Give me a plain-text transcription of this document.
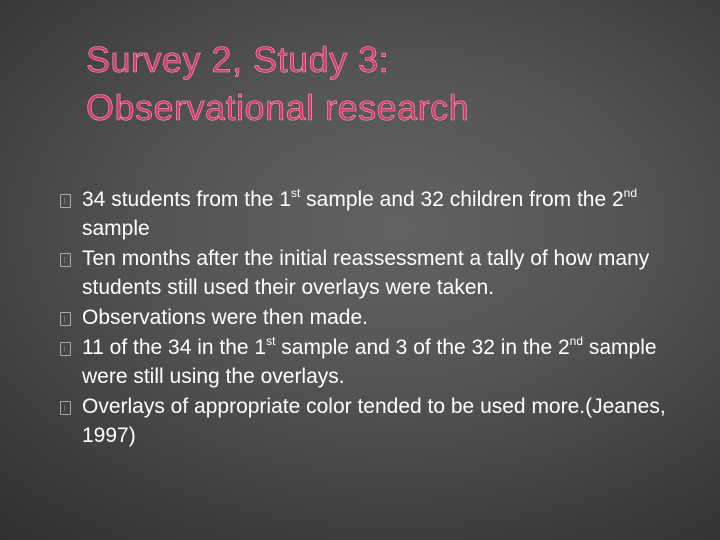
Survey 2, Study 3:
Observational research
34 students from the 1st sample and 32 children from the 2nd sample
Ten months after the initial reassessment a tally of how many students still used their overlays were taken.
Observations were then made.
11 of the 34 in the 1st sample and 3 of the 32 in the 2nd sample were still using the overlays.
Overlays of appropriate color tended to be used more.(Jeanes, 1997)
